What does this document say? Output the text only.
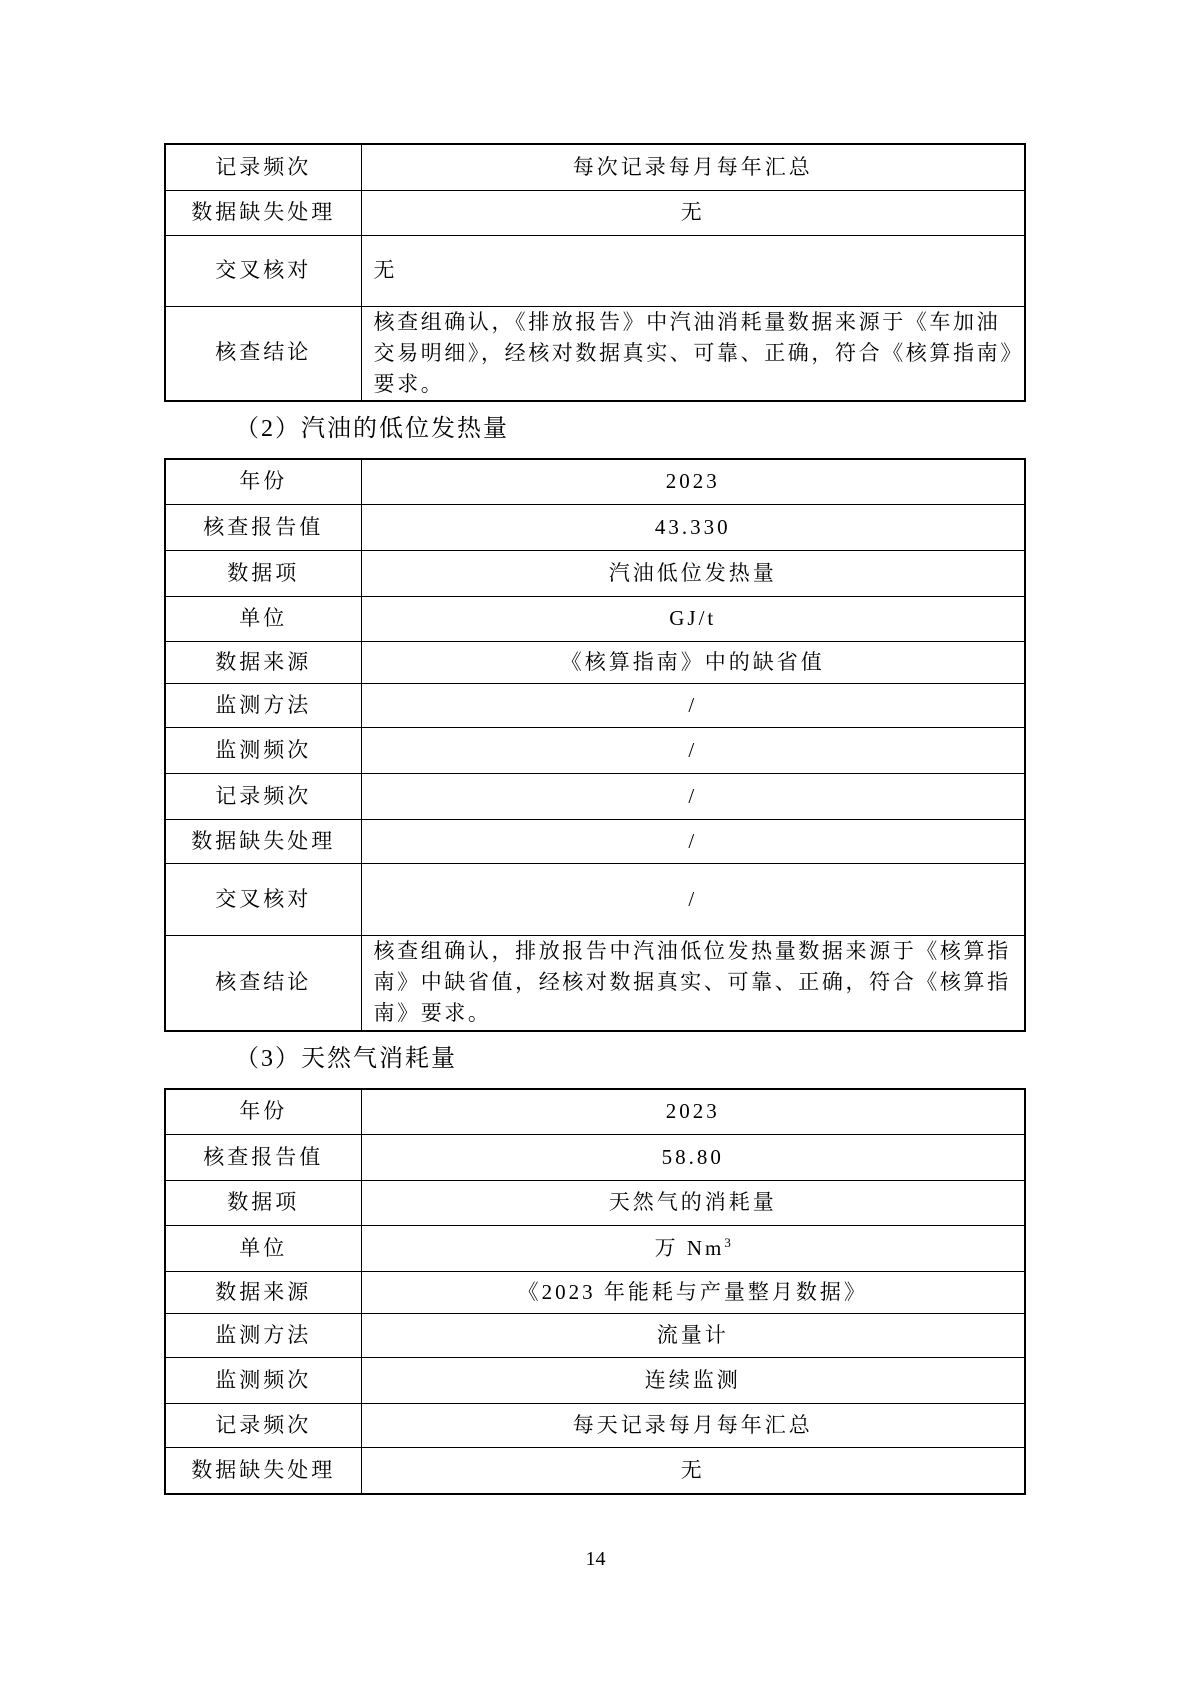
记录频次	每次记录每月每年汇总
数据缺失处理	无
交叉核对	无
核查结论	核查组确认，《排放报告》中汽油消耗量数据来源于《车加油
交易明细》，经核对数据真实、可靠、正确，符合《核算指南》
要求。
（2）汽油的低位发热量
年份	2023
核查报告值	43.330
数据项	汽油低位发热量
单位	GJ/t
数据来源	《核算指南》中的缺省值
监测方法	/
监测频次	/
记录频次	/
数据缺失处理	/
交叉核对	/
核查结论	核查组确认，排放报告中汽油低位发热量数据来源于《核算指
南》中缺省值，经核对数据真实、可靠、正确，符合《核算指
南》要求。
（3）天然气消耗量
年份	2023
核查报告值	58.80
数据项	天然气的消耗量
单位	万 Nm$^3$
数据来源	《2023 年能耗与产量整月数据》
监测方法	流量计
监测频次	连续监测
记录频次	每天记录每月每年汇总
数据缺失处理	无
14
